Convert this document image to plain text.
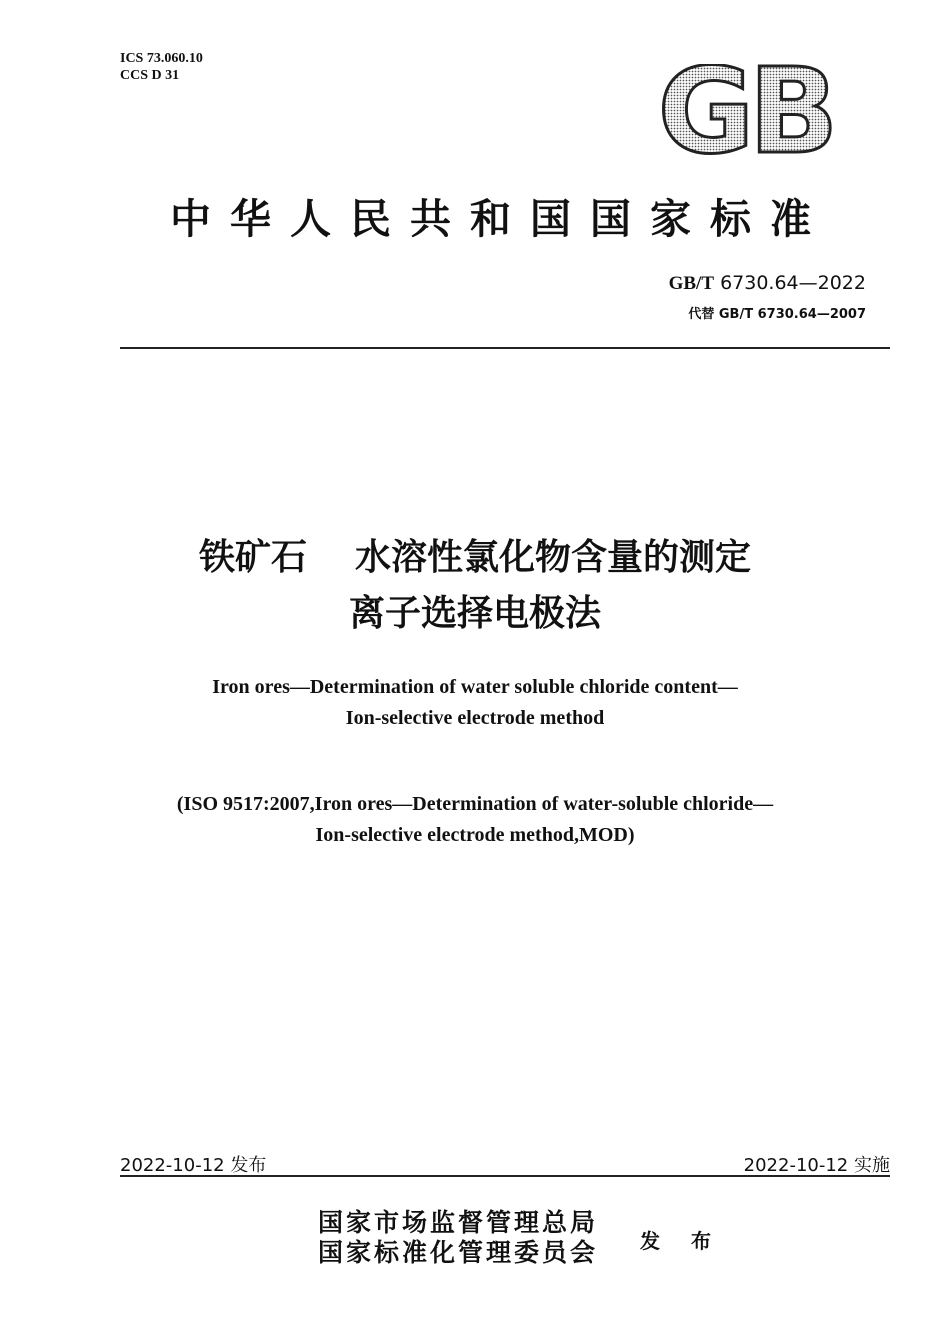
ICS 73.060.10
CCS D 31	GB
中华人民共和国国家标准
GB/T 6730.64—2022
代替 GB/T 6730.64—2007
铁矿石 水溶性氯化物含量的测定
离子选择电极法
Iron ores—Determination of water soluble chloride content—
Ion-selective electrode method
(ISO 9517:2007,Iron ores—Determination of water-soluble chloride—
Ion-selective electrode method,MOD)
2022-10-12 发布	2022-10-12 实施
国家市场监督管理总局
国家标准化管理委员会 发 布
